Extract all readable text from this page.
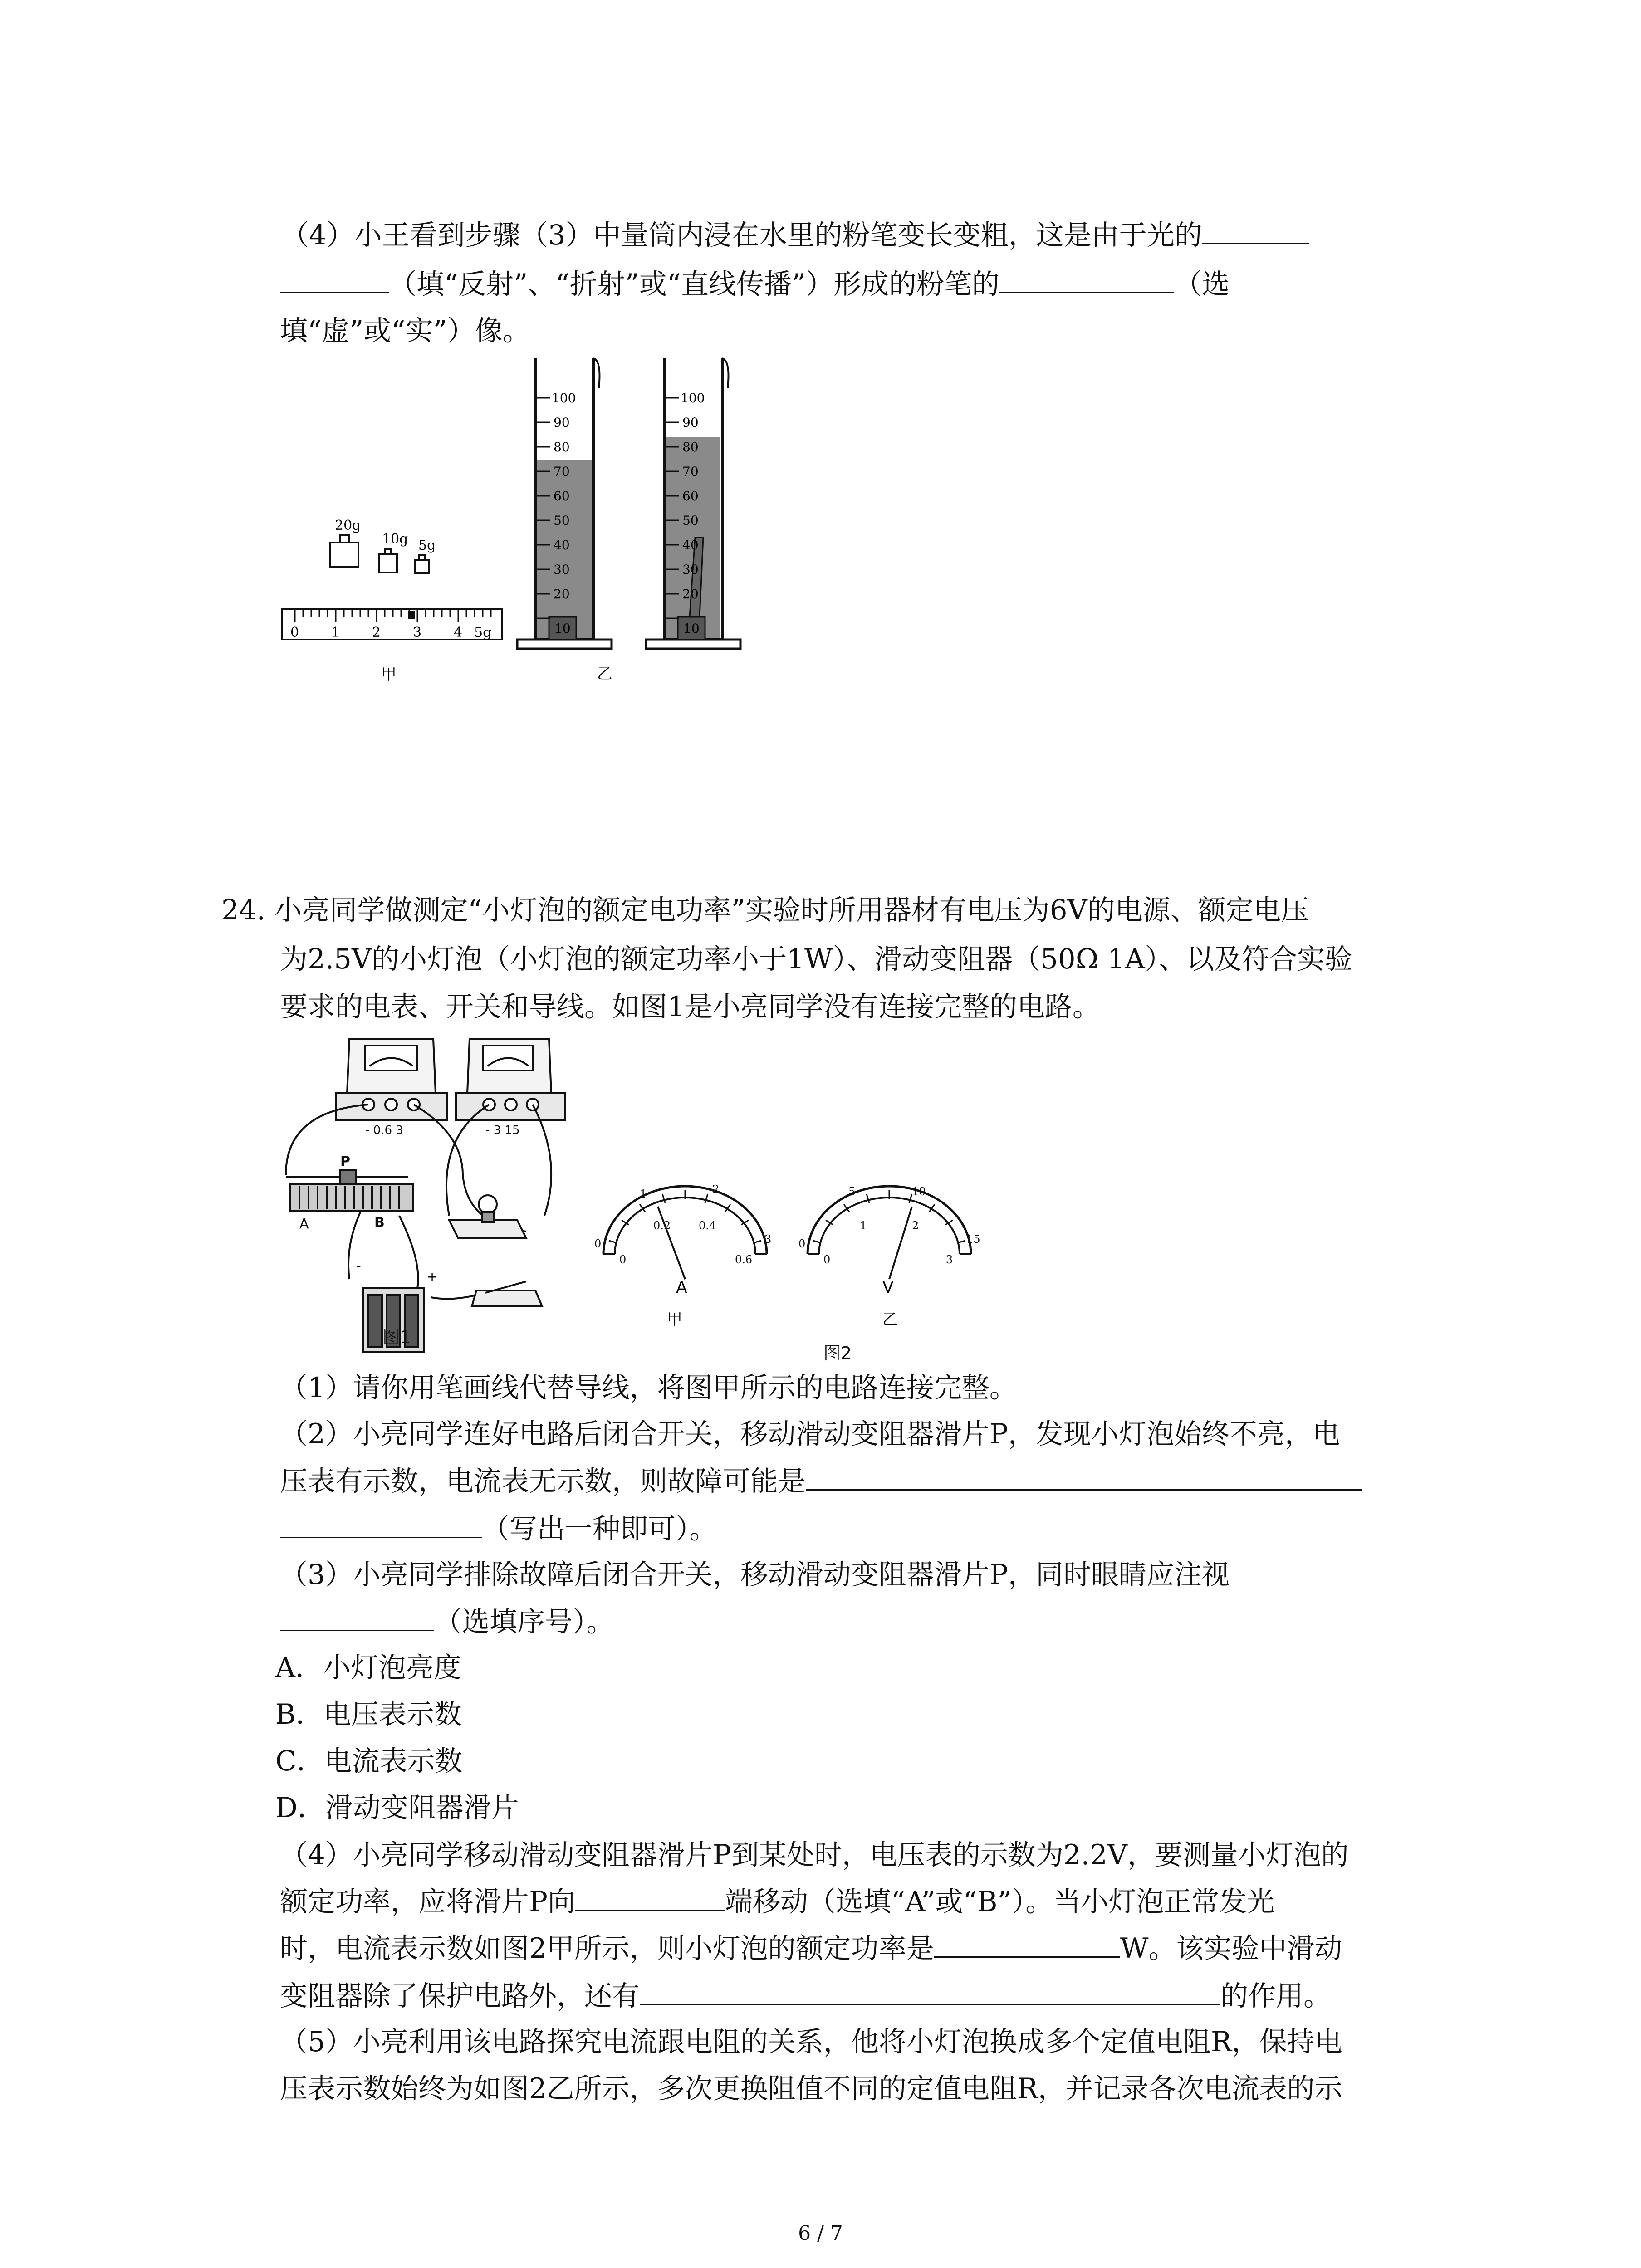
（4）小王看到步骤（3）中量筒内浸在水里的粉笔变长变粗，这是由于光的
（填“反射”、“折射”或“直线传播”）形成的粉笔的	（选
填“虚”或“实”）像。
20g
10g 5g
0 1 2 3 4 5g
甲
100
90
80
70
60
50
40
30
20
10
100
90
80
70
60
50
40
30
20
10
乙
24. 小亮同学做测定“小灯泡的额定电功率”实验时所用器材有电压为6V的电源、额定电压
为2.5V的小灯泡（小灯泡的额定功率小于1W）、滑动变阻器（50Ω 1A）、以及符合实验
要求的电表、开关和导线。如图1是小亮同学没有连接完整的电路。
- 0.6 3	- 3 15
P
A	B
-
+
图1
0
1	2
3
0
0.2	0.4
0.6
A
甲
0
5	10
15
0
1	2
3
V
乙
图2
（1）请你用笔画线代替导线，将图甲所示的电路连接完整。
（2）小亮同学连好电路后闭合开关，移动滑动变阻器滑片P，发现小灯泡始终不亮，电
压表有示数，电流表无示数，则故障可能是
（写出一种即可）。
（3）小亮同学排除故障后闭合开关，移动滑动变阻器滑片P，同时眼睛应注视
（选填序号）。
A．小灯泡亮度
B．电压表示数
C．电流表示数
D．滑动变阻器滑片
（4）小亮同学移动滑动变阻器滑片P到某处时，电压表的示数为2.2V，要测量小灯泡的
额定功率，应将滑片P向	端移动（选填“A”或“B”）。当小灯泡正常发光
时，电流表示数如图2甲所示，则小灯泡的额定功率是	W。该实验中滑动
变阻器除了保护电路外，还有	的作用。
（5）小亮利用该电路探究电流跟电阻的关系，他将小灯泡换成多个定值电阻R，保持电
压表示数始终为如图2乙所示，多次更换阻值不同的定值电阻R，并记录各次电流表的示
6 / 7
